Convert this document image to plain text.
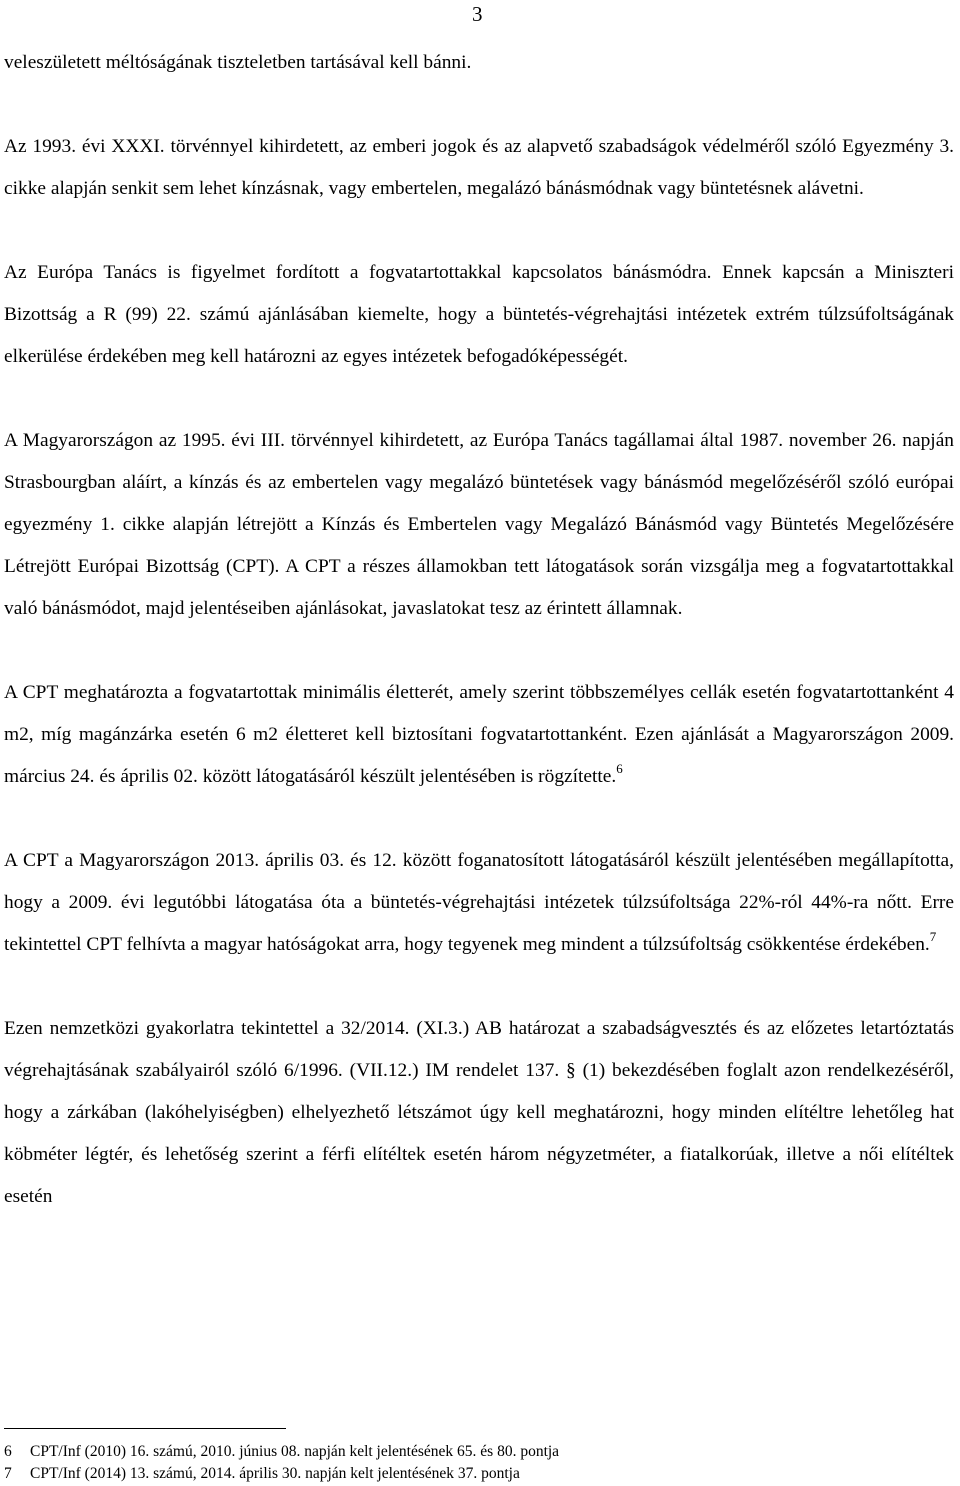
3

veleszületett méltóságának tiszteletben tartásával kell bánni.

Az 1993. évi XXXI. törvénnyel kihirdetett, az emberi jogok és az alapvető szabadságok védelméről szóló Egyezmény 3. cikke alapján senkit sem lehet kínzásnak, vagy embertelen, megalázó bánásmódnak vagy büntetésnek alávetni.

Az Európa Tanács is figyelmet fordított a fogvatartottakkal kapcsolatos bánásmódra. Ennek kapcsán a Miniszteri Bizottság a R (99) 22. számú ajánlásában kiemelte, hogy a büntetés-végrehajtási intézetek extrém túlzsúfoltságának elkerülése érdekében meg kell határozni az egyes intézetek befogadóképességét.

A Magyarországon az 1995. évi III. törvénnyel kihirdetett, az Európa Tanács tagállamai által 1987. november 26. napján Strasbourgban aláírt, a kínzás és az embertelen vagy megalázó büntetések vagy bánásmód megelőzéséről szóló európai egyezmény 1. cikke alapján létrejött a Kínzás és Embertelen vagy Megalázó Bánásmód vagy Büntetés Megelőzésére Létrejött Európai Bizottság (CPT). A CPT a részes államokban tett látogatások során vizsgálja meg a fogvatartottakkal való bánásmódot, majd jelentéseiben ajánlásokat, javaslatokat tesz az érintett államnak.

A CPT meghatározta a fogvatartottak minimális életterét, amely szerint többszemélyes cellák esetén fogvatartottanként 4 m2, míg magánzárka esetén 6 m2 életteret kell biztosítani fogvatartottanként. Ezen ajánlását a Magyarországon 2009. március 24. és április 02. között látogatásáról készült jelentésében is rögzítette.$^6$

A CPT a Magyarországon 2013. április 03. és 12. között foganatosított látogatásáról készült jelentésében megállapította, hogy a 2009. évi legutóbbi látogatása óta a büntetés-végrehajtási intézetek túlzsúfoltsága 22%-ról 44%-ra nőtt. Erre tekintettel CPT felhívta a magyar hatóságokat arra, hogy tegyenek meg mindent a túlzsúfoltság csökkentése érdekében.$^7$

Ezen nemzetközi gyakorlatra tekintettel a 32/2014. (XI.3.) AB határozat a szabadságvesztés és az előzetes letartóztatás végrehajtásának szabályairól szóló 6/1996. (VII.12.) IM rendelet 137. § (1) bekezdésében foglalt azon rendelkezéséről, hogy a zárkában (lakóhelyiségben) elhelyezhető létszámot úgy kell meghatározni, hogy minden elítéltre lehetőleg hat köbméter légtér, és lehetőség szerint a férfi elítéltek esetén három négyzetméter, a fiatalkorúak, illetve a női elítéltek esetén

6 CPT/Inf (2010) 16. számú, 2010. június 08. napján kelt jelentésének 65. és 80. pontja

7 CPT/Inf (2014) 13. számú, 2014. április 30. napján kelt jelentésének 37. pontja
